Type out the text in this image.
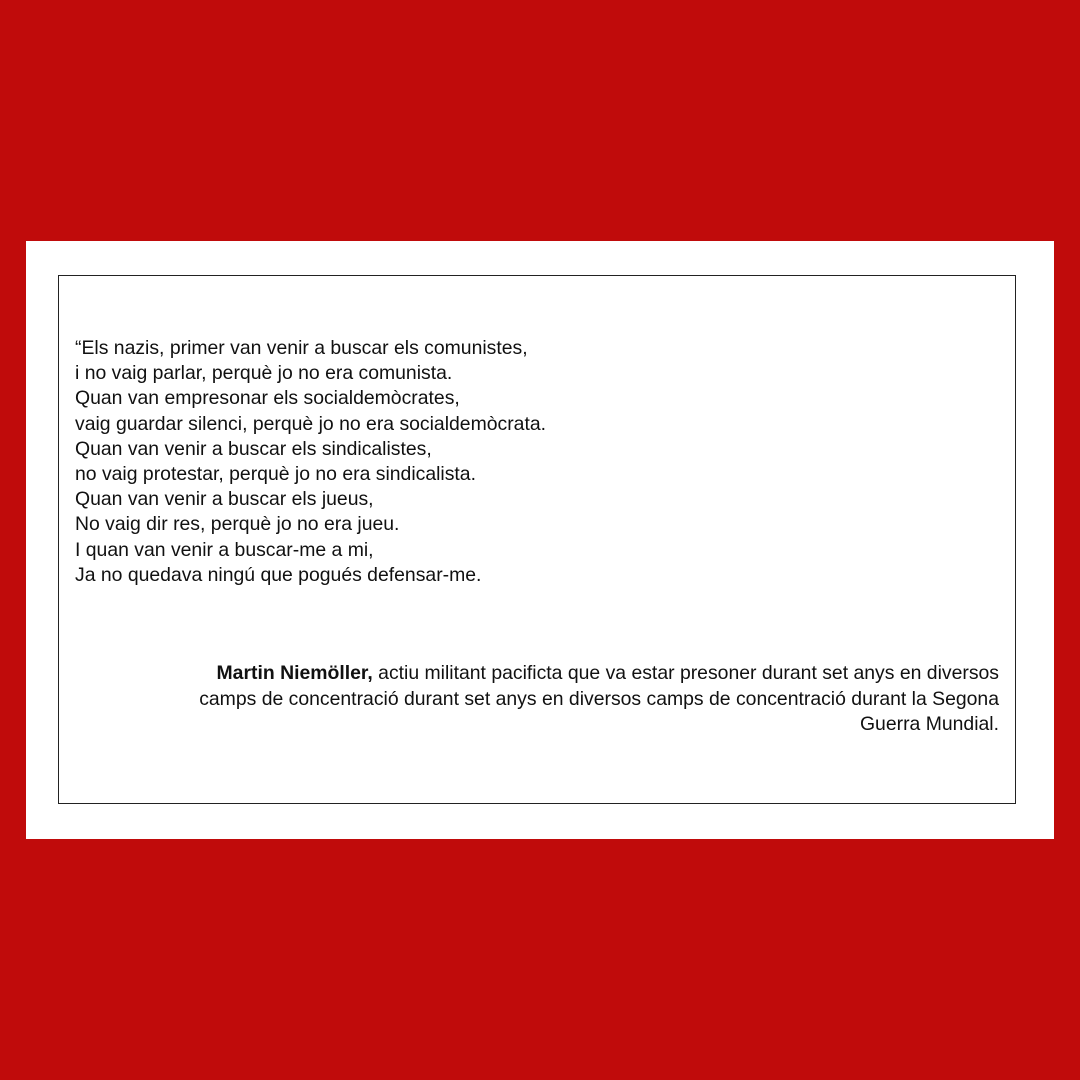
“Els nazis, primer van venir a buscar els comunistes,
i no vaig parlar, perquè jo no era comunista.
Quan van empresonar els socialdemòcrates,
vaig guardar silenci, perquè jo no era socialdemòcrata.
Quan van venir a buscar els sindicalistes,
no vaig protestar, perquè jo no era sindicalista.
Quan van venir a buscar els jueus,
No vaig dir res, perquè jo no era jueu.
I quan van venir a buscar-me a mi,
Ja no quedava ningú que pogués defensar-me.

Martin Niemöller, actiu militant pacificta que va estar presoner durant set anys en diversos
camps de concentració durant set anys en diversos camps de concentració durant la Segona
Guerra Mundial.
